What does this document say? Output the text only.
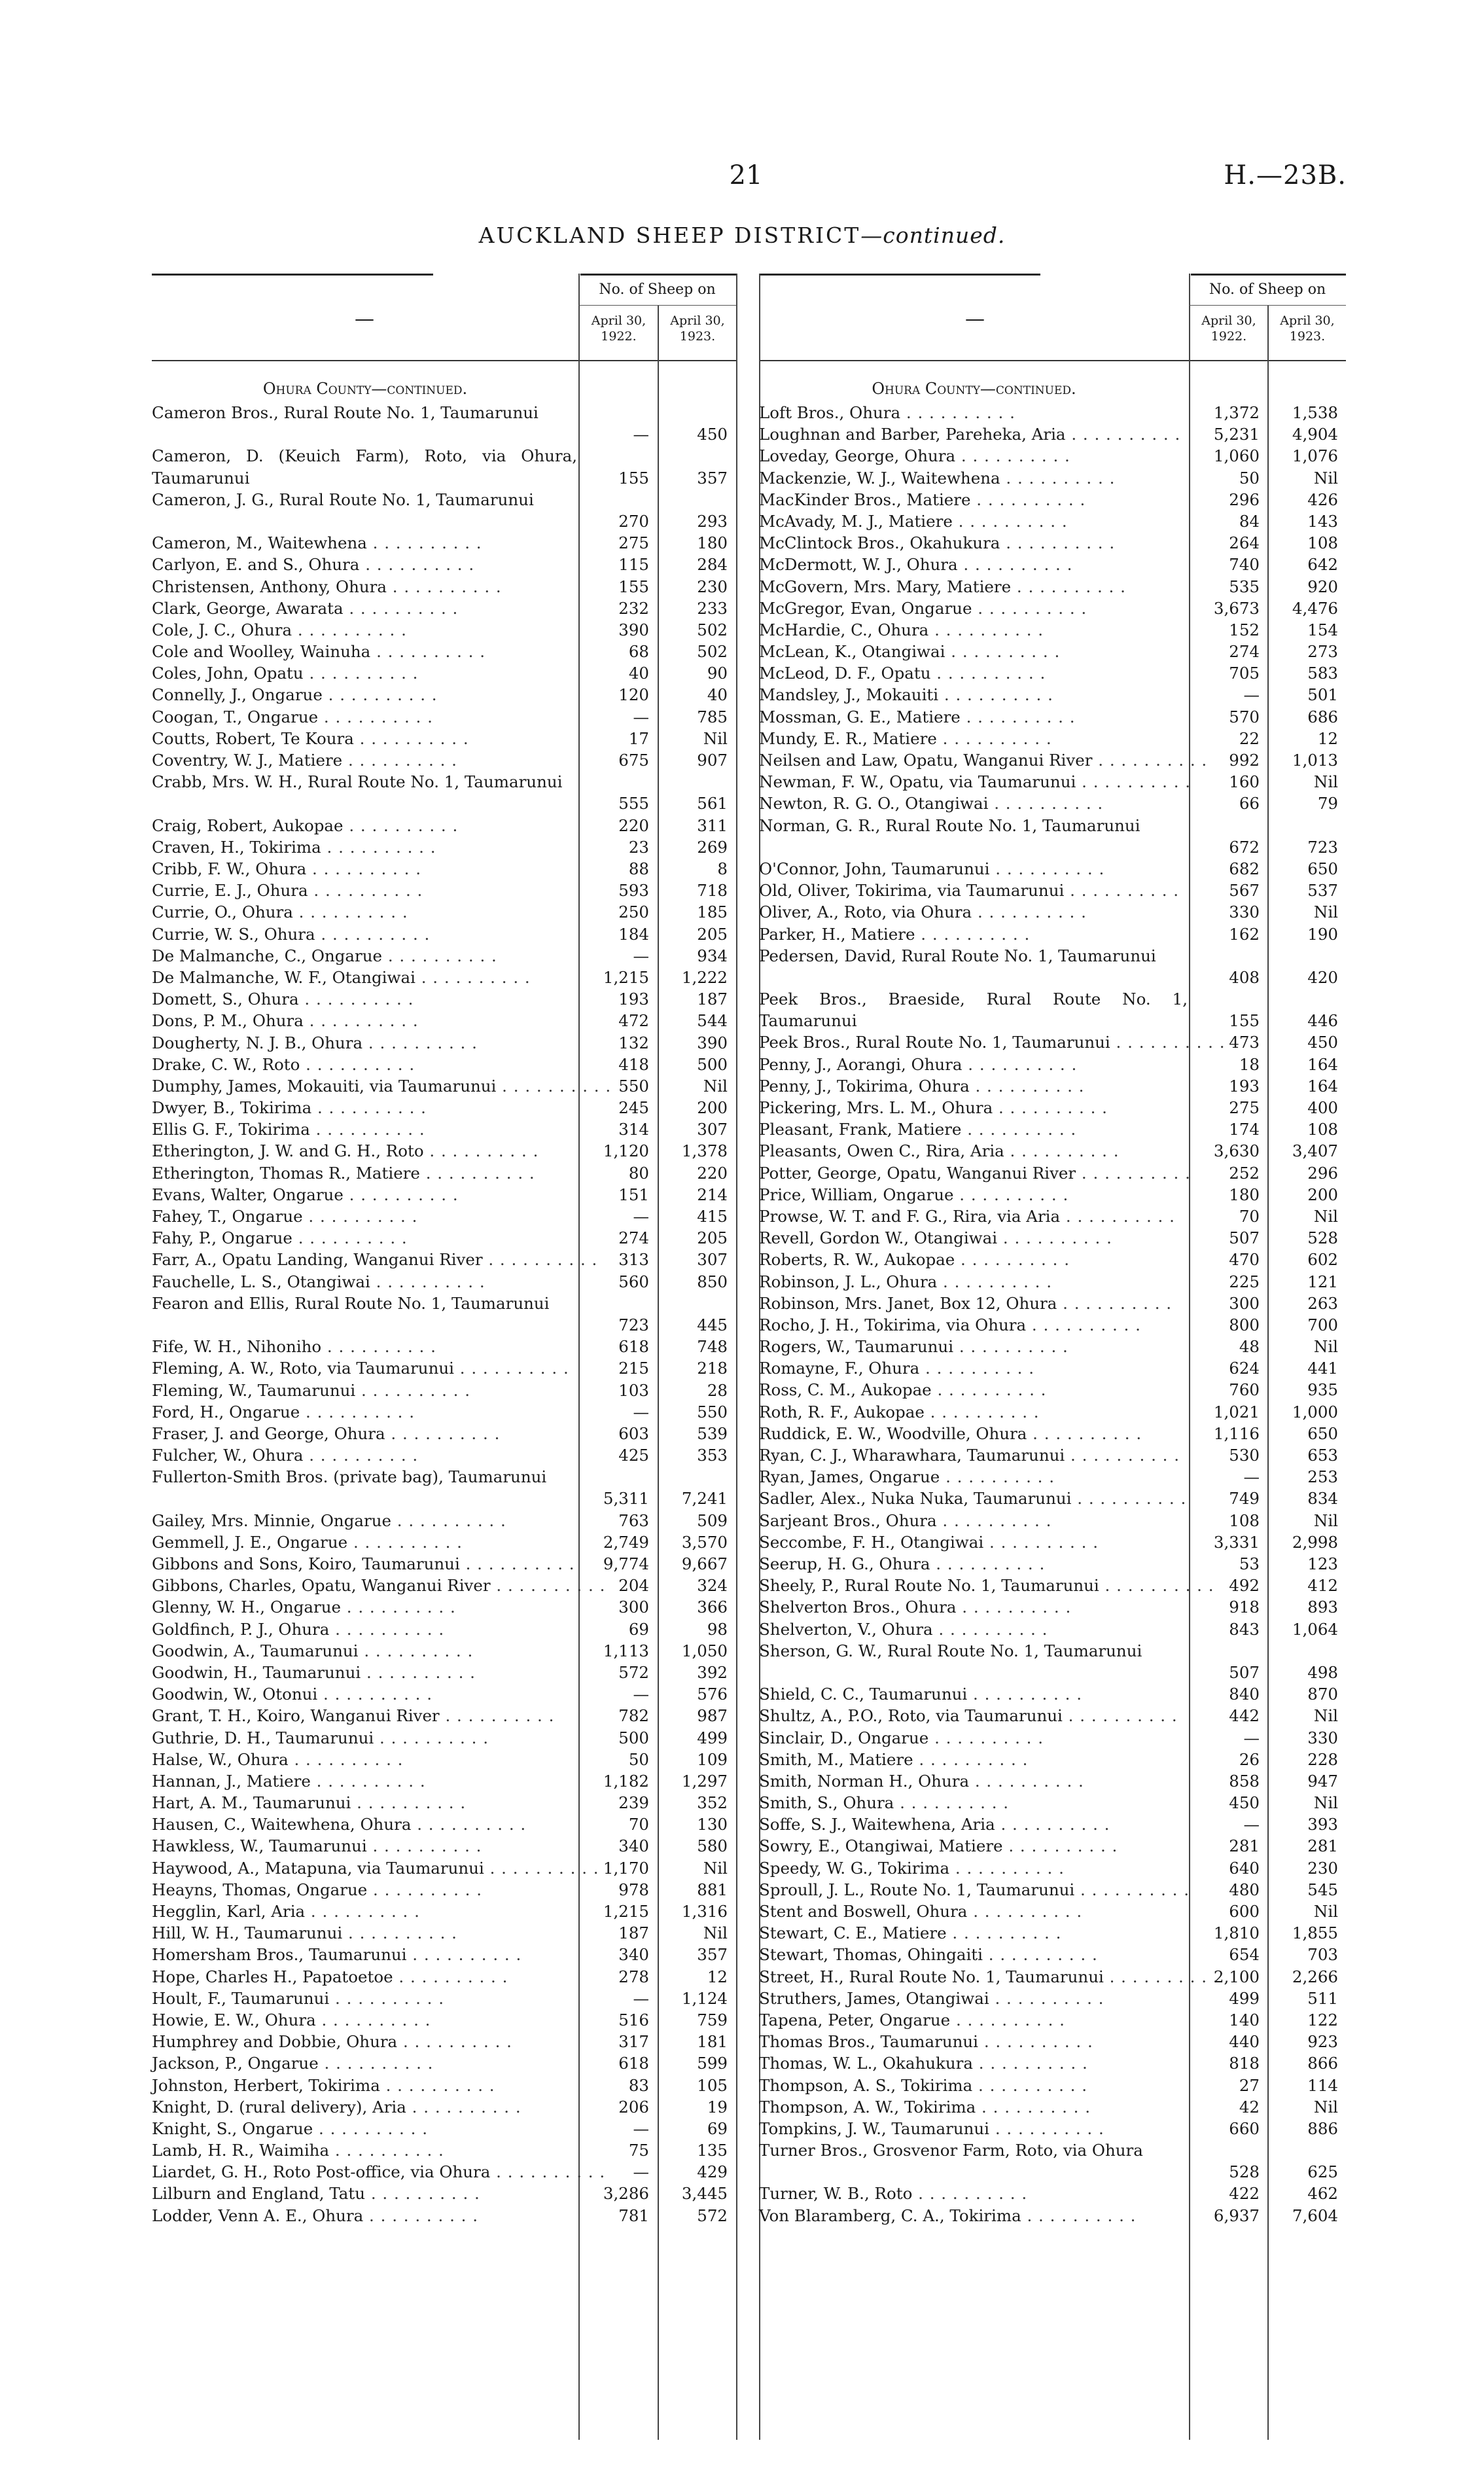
21	H.—23B.
AUCKLAND SHEEP DISTRICT—continued.
No. of Sheep on
April 30, 1922.
April 30, 1923.
—
Ohura County—continued.
Cameron Bros., Rural Route No. 1, Taumarunui
—	450
Cameron, D. (Keuich Farm), Roto, via Ohura, Taumarunui	155	357
Cameron, J. G., Rural Route No. 1, Taumarunui
270	293
Cameron, M., Waitewhena . . . . . . . . . .	275	180
Carlyon, E. and S., Ohura . . . . . . . . . .	115	284
Christensen, Anthony, Ohura . . . . . . . . . .	155	230
Clark, George, Awarata . . . . . . . . . .	232	233
Cole, J. C., Ohura . . . . . . . . . .	390	502
Cole and Woolley, Wainuha . . . . . . . . . .	68	502
Coles, John, Opatu . . . . . . . . . .	40	90
Connelly, J., Ongarue . . . . . . . . . .	120	40
Coogan, T., Ongarue . . . . . . . . . .	—	785
Coutts, Robert, Te Koura . . . . . . . . . .	17	Nil
Coventry, W. J., Matiere . . . . . . . . . .	675	907
Crabb, Mrs. W. H., Rural Route No. 1, Taumarunui
555	561
Craig, Robert, Aukopae . . . . . . . . . .	220	311
Craven, H., Tokirima . . . . . . . . . .	23	269
Cribb, F. W., Ohura . . . . . . . . . .	88	8
Currie, E. J., Ohura . . . . . . . . . .	593	718
Currie, O., Ohura . . . . . . . . . .	250	185
Currie, W. S., Ohura . . . . . . . . . .	184	205
De Malmanche, C., Ongarue . . . . . . . . . .	—	934
De Malmanche, W. F., Otangiwai . . . . . . . . . .	1,215	1,222
Domett, S., Ohura . . . . . . . . . .	193	187
Dons, P. M., Ohura . . . . . . . . . .	472	544
Dougherty, N. J. B., Ohura . . . . . . . . . .	132	390
Drake, C. W., Roto . . . . . . . . . .	418	500
Dumphy, James, Mokauiti, via Taumarunui . . . . . . . . . . 550	Nil
Dwyer, B., Tokirima . . . . . . . . . .	245	200
Ellis G. F., Tokirima . . . . . . . . . .	314	307
Etherington, J. W. and G. H., Roto . . . . . . . . . .	1,120	1,378
Etherington, Thomas R., Matiere . . . . . . . . . .	80	220
Evans, Walter, Ongarue . . . . . . . . . .	151	214
Fahey, T., Ongarue . . . . . . . . . .	—	415
Fahy, P., Ongarue . . . . . . . . . .	274	205
Farr, A., Opatu Landing, Wanganui River . . . . . . . . . .	313	307
Fauchelle, L. S., Otangiwai . . . . . . . . . .	560	850
Fearon and Ellis, Rural Route No. 1, Taumarunui
723	445
Fife, W. H., Nihoniho . . . . . . . . . .	618	748
Fleming, A. W., Roto, via Taumarunui . . . . . . . . . .	215	218
Fleming, W., Taumarunui . . . . . . . . . .	103	28
Ford, H., Ongarue . . . . . . . . . .	—	550
Fraser, J. and George, Ohura . . . . . . . . . .	603	539
Fulcher, W., Ohura . . . . . . . . . .	425	353
Fullerton-Smith Bros. (private bag), Taumarunui
5,311	7,241
Gailey, Mrs. Minnie, Ongarue . . . . . . . . . .	763	509
Gemmell, J. E., Ongarue . . . . . . . . . .	2,749	3,570
Gibbons and Sons, Koiro, Taumarunui . . . . . . . . . .	9,774	9,667
Gibbons, Charles, Opatu, Wanganui River . . . . . . . . . . 204	324
Glenny, W. H., Ongarue . . . . . . . . . .	300	366
Goldfinch, P. J., Ohura . . . . . . . . . .	69	98
Goodwin, A., Taumarunui . . . . . . . . . .	1,113	1,050
Goodwin, H., Taumarunui . . . . . . . . . .	572	392
Goodwin, W., Otonui . . . . . . . . . .	—	576
Grant, T. H., Koiro, Wanganui River . . . . . . . . . .	782	987
Guthrie, D. H., Taumarunui . . . . . . . . . .	500	499
Halse, W., Ohura . . . . . . . . . .	50	109
Hannan, J., Matiere . . . . . . . . . .	1,182	1,297
Hart, A. M., Taumarunui . . . . . . . . . .	239	352
Hausen, C., Waitewhena, Ohura . . . . . . . . . .	70	130
Hawkless, W., Taumarunui . . . . . . . . . .	340	580
Haywood, A., Matapuna, via Taumarunui . . . . . . . . . . 1,170	Nil
Heayns, Thomas, Ongarue . . . . . . . . . .	978	881
Hegglin, Karl, Aria . . . . . . . . . .	1,215	1,316
Hill, W. H., Taumarunui . . . . . . . . . .	187	Nil
Homersham Bros., Taumarunui . . . . . . . . . .	340	357
Hope, Charles H., Papatoetoe . . . . . . . . . .	278	12
Hoult, F., Taumarunui . . . . . . . . . .	—	1,124
Howie, E. W., Ohura . . . . . . . . . .	516	759
Humphrey and Dobbie, Ohura . . . . . . . . . .	317	181
Jackson, P., Ongarue . . . . . . . . . .	618	599
Johnston, Herbert, Tokirima . . . . . . . . . .	83	105
Knight, D. (rural delivery), Aria . . . . . . . . . .	206	19
Knight, S., Ongarue . . . . . . . . . .	—	69
Lamb, H. R., Waimiha . . . . . . . . . .	75	135
Liardet, G. H., Roto Post-office, via Ohura . . . . . . . . . .	—	429
Lilburn and England, Tatu . . . . . . . . . .	3,286	3,445
Lodder, Venn A. E., Ohura . . . . . . . . . .	781	572
No. of Sheep on
April 30, 1922.
April 30, 1923.
—
Ohura County—continued.
Loft Bros., Ohura . . . . . . . . . .	1,372	1,538
Loughnan and Barber, Pareheka, Aria . . . . . . . . . .	5,231	4,904
Loveday, George, Ohura . . . . . . . . . .	1,060	1,076
Mackenzie, W. J., Waitewhena . . . . . . . . . .	50	Nil
MacKinder Bros., Matiere . . . . . . . . . .	296	426
McAvady, M. J., Matiere . . . . . . . . . .	84	143
McClintock Bros., Okahukura . . . . . . . . . .	264	108
McDermott, W. J., Ohura . . . . . . . . . .	740	642
McGovern, Mrs. Mary, Matiere . . . . . . . . . .	535	920
McGregor, Evan, Ongarue . . . . . . . . . .	3,673	4,476
McHardie, C., Ohura . . . . . . . . . .	152	154
McLean, K., Otangiwai . . . . . . . . . .	274	273
McLeod, D. F., Opatu . . . . . . . . . .	705	583
Mandsley, J., Mokauiti . . . . . . . . . .	—	501
Mossman, G. E., Matiere . . . . . . . . . .	570	686
Mundy, E. R., Matiere . . . . . . . . . .	22	12
Neilsen and Law, Opatu, Wanganui River . . . . . . . . . .	992	1,013
Newman, F. W., Opatu, via Taumarunui . . . . . . . . . .	160	Nil
Newton, R. G. O., Otangiwai . . . . . . . . . .	66	79
Norman, G. R., Rural Route No. 1, Taumarunui
672	723
O'Connor, John, Taumarunui . . . . . . . . . .	682	650
Old, Oliver, Tokirima, via Taumarunui . . . . . . . . . .	567	537
Oliver, A., Roto, via Ohura . . . . . . . . . .	330	Nil
Parker, H., Matiere . . . . . . . . . .	162	190
Pedersen, David, Rural Route No. 1, Taumarunui
408	420
Peek Bros., Braeside, Rural Route No. 1, Taumarunui	155	446
Peek Bros., Rural Route No. 1, Taumarunui . . . . . . . . . . 473	450
Penny, J., Aorangi, Ohura . . . . . . . . . .	18	164
Penny, J., Tokirima, Ohura . . . . . . . . . .	193	164
Pickering, Mrs. L. M., Ohura . . . . . . . . . .	275	400
Pleasant, Frank, Matiere . . . . . . . . . .	174	108
Pleasants, Owen C., Rira, Aria . . . . . . . . . .	3,630	3,407
Potter, George, Opatu, Wanganui River . . . . . . . . . .	252	296
Price, William, Ongarue . . . . . . . . . .	180	200
Prowse, W. T. and F. G., Rira, via Aria . . . . . . . . . .	70	Nil
Revell, Gordon W., Otangiwai . . . . . . . . . .	507	528
Roberts, R. W., Aukopae . . . . . . . . . .	470	602
Robinson, J. L., Ohura . . . . . . . . . .	225	121
Robinson, Mrs. Janet, Box 12, Ohura . . . . . . . . . .	300	263
Rocho, J. H., Tokirima, via Ohura . . . . . . . . . .	800	700
Rogers, W., Taumarunui . . . . . . . . . .	48	Nil
Romayne, F., Ohura . . . . . . . . . .	624	441
Ross, C. M., Aukopae . . . . . . . . . .	760	935
Roth, R. F., Aukopae . . . . . . . . . .	1,021	1,000
Ruddick, E. W., Woodville, Ohura . . . . . . . . . .	1,116	650
Ryan, C. J., Wharawhara, Taumarunui . . . . . . . . . .	530	653
Ryan, James, Ongarue . . . . . . . . . .	—	253
Sadler, Alex., Nuka Nuka, Taumarunui . . . . . . . . . .	749	834
Sarjeant Bros., Ohura . . . . . . . . . .	108	Nil
Seccombe, F. H., Otangiwai . . . . . . . . . .	3,331	2,998
Seerup, H. G., Ohura . . . . . . . . . .	53	123
Sheely, P., Rural Route No. 1, Taumarunui . . . . . . . . . . 492	412
Shelverton Bros., Ohura . . . . . . . . . .	918	893
Shelverton, V., Ohura . . . . . . . . . .	843	1,064
Sherson, G. W., Rural Route No. 1, Taumarunui
507	498
Shield, C. C., Taumarunui . . . . . . . . . .	840	870
Shultz, A., P.O., Roto, via Taumarunui . . . . . . . . . .	442	Nil
Sinclair, D., Ongarue . . . . . . . . . .	—	330
Smith, M., Matiere . . . . . . . . . .	26	228
Smith, Norman H., Ohura . . . . . . . . . .	858	947
Smith, S., Ohura . . . . . . . . . .	450	Nil
Soffe, S. J., Waitewhena, Aria . . . . . . . . . .	—	393
Sowry, E., Otangiwai, Matiere . . . . . . . . . .	281	281
Speedy, W. G., Tokirima . . . . . . . . . .	640	230
Sproull, J. L., Route No. 1, Taumarunui . . . . . . . . . .	480	545
Stent and Boswell, Ohura . . . . . . . . . .	600	Nil
Stewart, C. E., Matiere . . . . . . . . . .	1,810	1,855
Stewart, Thomas, Ohingaiti . . . . . . . . . .	654	703
Street, H., Rural Route No. 1, Taumarunui . . . . . . . . . .
2,100	2,266
Struthers, James, Otangiwai . . . . . . . . . .	499	511
Tapena, Peter, Ongarue . . . . . . . . . .	140	122
Thomas Bros., Taumarunui . . . . . . . . . .	440	923
Thomas, W. L., Okahukura . . . . . . . . . .	818	866
Thompson, A. S., Tokirima . . . . . . . . . .	27	114
Thompson, A. W., Tokirima . . . . . . . . . .	42	Nil
Tompkins, J. W., Taumarunui . . . . . . . . . .	660	886
Turner Bros., Grosvenor Farm, Roto, via Ohura
528	625
Turner, W. B., Roto . . . . . . . . . .	422	462
Von Blaramberg, C. A., Tokirima . . . . . . . . . .	6,937	7,604
